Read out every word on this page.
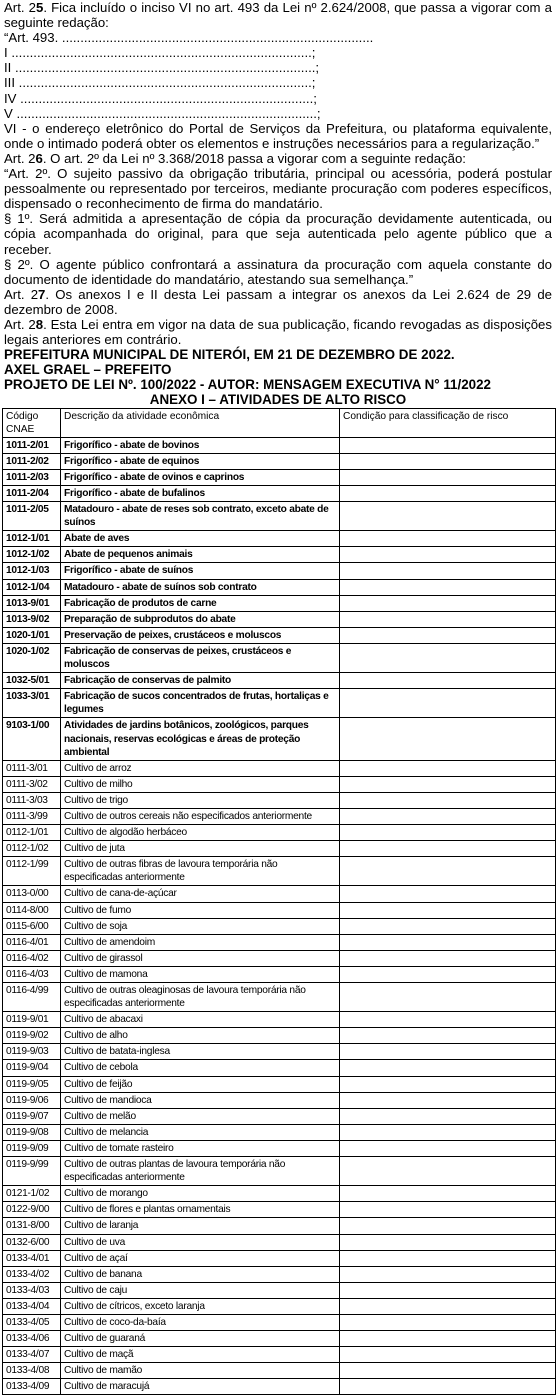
Art. 25. Fica incluído o inciso VI no art. 493 da Lei nº 2.624/2008, que passa a vigorar com a seguinte redação:

“Art. 493. .....................................................................................

I ..................................................................................;

II ..................................................................................;

III ................................................................................;

IV ................................................................................;

V ..................................................................................;

VI - o endereço eletrônico do Portal de Serviços da Prefeitura, ou plataforma equivalente, onde o intimado poderá obter os elementos e instruções necessários para a regularização.”

Art. 26. O art. 2º da Lei nº 3.368/2018 passa a vigorar com a seguinte redação:

“Art. 2º. O sujeito passivo da obrigação tributária, principal ou acessória, poderá postular pessoalmente ou representado por terceiros, mediante procuração com poderes específicos, dispensado o reconhecimento de firma do mandatário.

§ 1º. Será admitida a apresentação de cópia da procuração devidamente autenticada, ou cópia acompanhada do original, para que seja autenticada pelo agente público que a receber.

§ 2º. O agente público confrontará a assinatura da procuração com aquela constante do documento de identidade do mandatário, atestando sua semelhança.”

Art. 27. Os anexos I e II desta Lei passam a integrar os anexos da Lei 2.624 de 29 de dezembro de 2008.

Art. 28. Esta Lei entra em vigor na data de sua publicação, ficando revogadas as disposições legais anteriores em contrário.

PREFEITURA MUNICIPAL DE NITERÓI, EM 21 DE DEZEMBRO DE 2022.
AXEL GRAEL – PREFEITO
PROJETO DE LEI Nº. 100/2022 - AUTOR: MENSAGEM EXECUTIVA N° 11/2022
ANEXO I – ATIVIDADES DE ALTO RISCO
Código CNAE	Descrição da atividade econômica	Condição para classificação de risco
1011-2/01	Frigorífico - abate de bovinos	
1011-2/02	Frigorífico - abate de equinos	
1011-2/03	Frigorífico - abate de ovinos e caprinos	
1011-2/04	Frigorífico - abate de bufalinos	
1011-2/05	Matadouro - abate de reses sob contrato, exceto abate de suínos	
1012-1/01	Abate de aves	
1012-1/02	Abate de pequenos animais	
1012-1/03	Frigorífico - abate de suínos	
1012-1/04	Matadouro - abate de suínos sob contrato	
1013-9/01	Fabricação de produtos de carne	
1013-9/02	Preparação de subprodutos do abate	
1020-1/01	Preservação de peixes, crustáceos e moluscos	
1020-1/02	Fabricação de conservas de peixes, crustáceos e moluscos	
1032-5/01	Fabricação de conservas de palmito	
1033-3/01	Fabricação de sucos concentrados de frutas, hortaliças e legumes	
9103-1/00	Atividades de jardins botânicos, zoológicos, parques nacionais, reservas ecológicas e áreas de proteção ambiental	
0111-3/01	Cultivo de arroz	
0111-3/02	Cultivo de milho	
0111-3/03	Cultivo de trigo	
0111-3/99	Cultivo de outros cereais não especificados anteriormente	
0112-1/01	Cultivo de algodão herbáceo	
0112-1/02	Cultivo de juta	
0112-1/99	Cultivo de outras fibras de lavoura temporária não especificadas anteriormente	
0113-0/00	Cultivo de cana-de-açúcar	
0114-8/00	Cultivo de fumo	
0115-6/00	Cultivo de soja	
0116-4/01	Cultivo de amendoim	
0116-4/02	Cultivo de girassol	
0116-4/03	Cultivo de mamona	
0116-4/99	Cultivo de outras oleaginosas de lavoura temporária não especificadas anteriormente	
0119-9/01	Cultivo de abacaxi	
0119-9/02	Cultivo de alho	
0119-9/03	Cultivo de batata-inglesa	
0119-9/04	Cultivo de cebola	
0119-9/05	Cultivo de feijão	
0119-9/06	Cultivo de mandioca	
0119-9/07	Cultivo de melão	
0119-9/08	Cultivo de melancia	
0119-9/09	Cultivo de tomate rasteiro	
0119-9/99	Cultivo de outras plantas de lavoura temporária não especificadas anteriormente	
0121-1/02	Cultivo de morango	
0122-9/00	Cultivo de flores e plantas ornamentais	
0131-8/00	Cultivo de laranja	
0132-6/00	Cultivo de uva	
0133-4/01	Cultivo de açaí	
0133-4/02	Cultivo de banana	
0133-4/03	Cultivo de caju	
0133-4/04	Cultivo de cítricos, exceto laranja	
0133-4/05	Cultivo de coco-da-baía	
0133-4/06	Cultivo de guaraná	
0133-4/07	Cultivo de maçã	
0133-4/08	Cultivo de mamão	
0133-4/09	Cultivo de maracujá	
